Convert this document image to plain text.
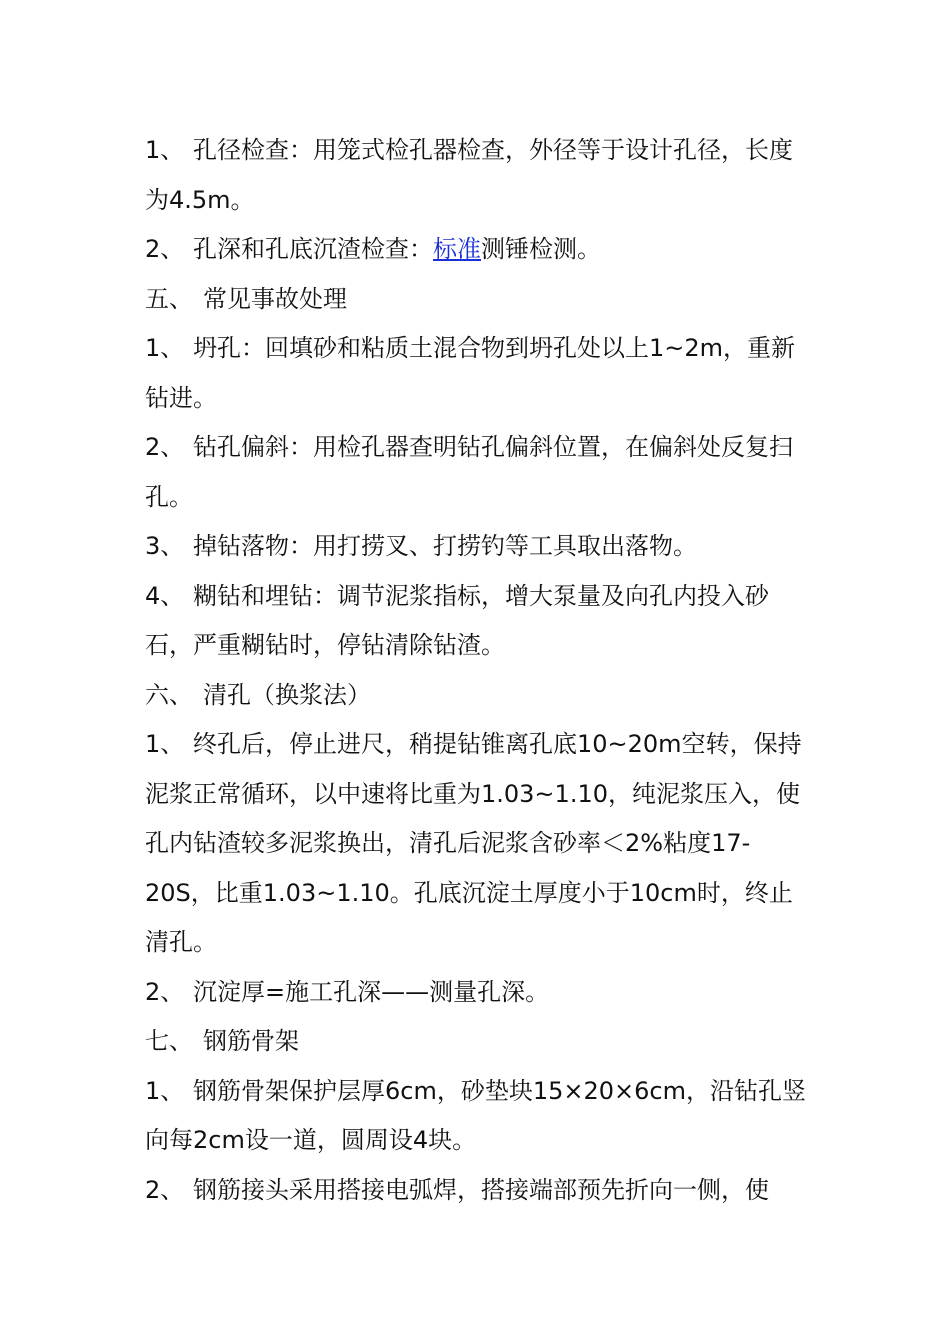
1、 孔径检查：用笼式检孔器检查，外径等于设计孔径，长度为4.5m。

2、 孔深和孔底沉渣检查：标准测锤检测。

五、 常见事故处理

1、 坍孔：回填砂和粘质土混合物到坍孔处以上1~2m，重新钻进。

2、 钻孔偏斜：用检孔器查明钻孔偏斜位置，在偏斜处反复扫孔。

3、 掉钻落物：用打捞叉、打捞钓等工具取出落物。

4、 糊钻和埋钻：调节泥浆指标，增大泵量及向孔内投入砂石，严重糊钻时，停钻清除钻渣。

六、 清孔（换浆法）

1、 终孔后，停止进尺，稍提钻锥离孔底10~20m空转，保持泥浆正常循环，以中速将比重为1.03~1.10，纯泥浆压入，使孔内钻渣较多泥浆换出，清孔后泥浆含砂率＜2%粘度17-20S，比重1.03~1.10。孔底沉淀土厚度小于10cm时，终止清孔。

2、 沉淀厚=施工孔深——测量孔深。

七、 钢筋骨架

1、 钢筋骨架保护层厚6cm，砂垫块15×20×6cm，沿钻孔竖向每2cm设一道，圆周设4块。

2、 钢筋接头采用搭接电弧焊，搭接端部预先折向一侧，使
